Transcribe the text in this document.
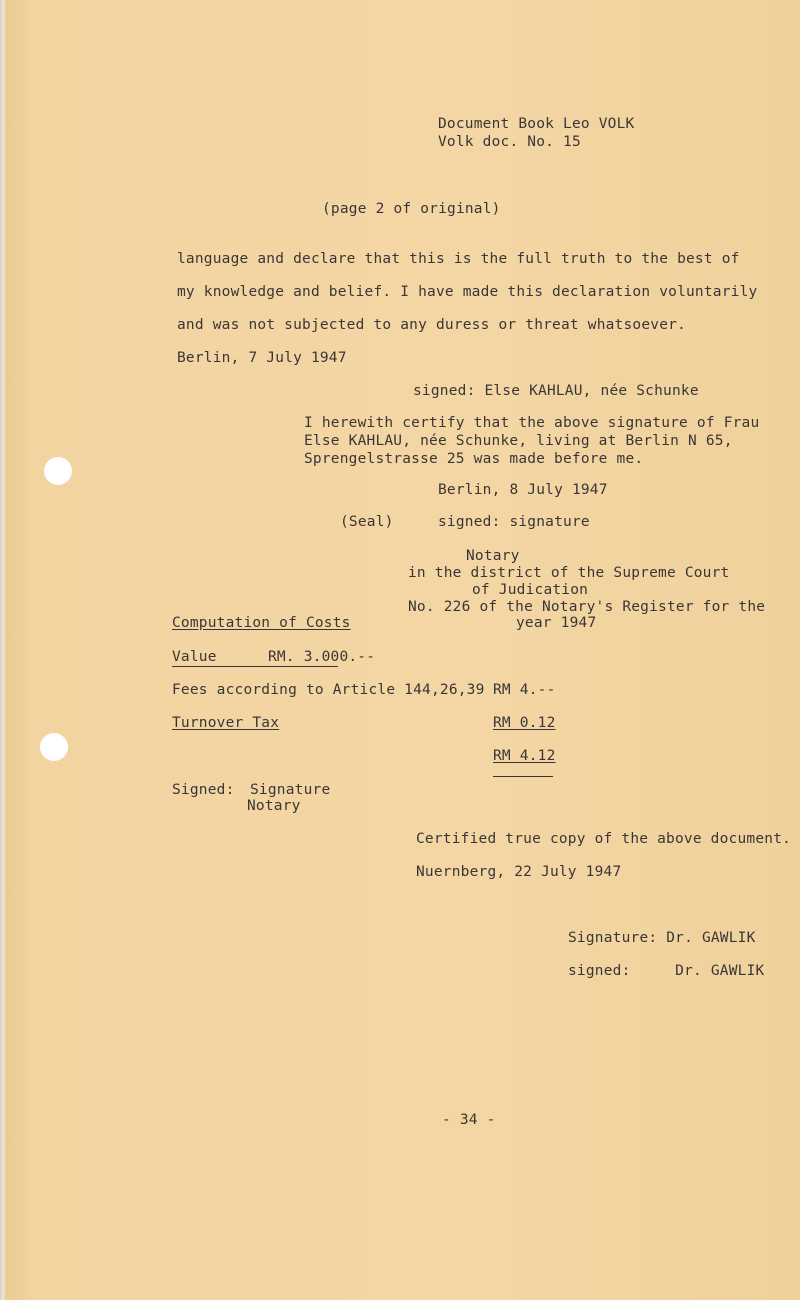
Document Book Leo VOLK
Volk doc. No. 15
(page 2 of original)
language and declare that this is the full truth to the best of
my knowledge and belief. I have made this declaration voluntarily
and was not subjected to any duress or threat whatsoever.
Berlin, 7 July 1947
signed: Else KAHLAU, née Schunke
I herewith certify that the above signature of Frau
Else KAHLAU, née Schunke, living at Berlin N 65,
Sprengelstrasse 25 was made before me.
Berlin, 8 July 1947
(Seal)	signed: signature
Notary
in the district of the Supreme Court
of Judication
No. 226 of the Notary's Register for the
year 1947
Computation of Costs
Value	RM. 3.000.--
Fees according to Article 144,26,39 RM 4.--
Turnover Tax	RM 0.12
RM 4.12
Signed: Signature
Notary
Certified true copy of the above document.
Nuernberg, 22 July 1947
Signature: Dr. GAWLIK
signed:     Dr. GAWLIK
- 34 -
